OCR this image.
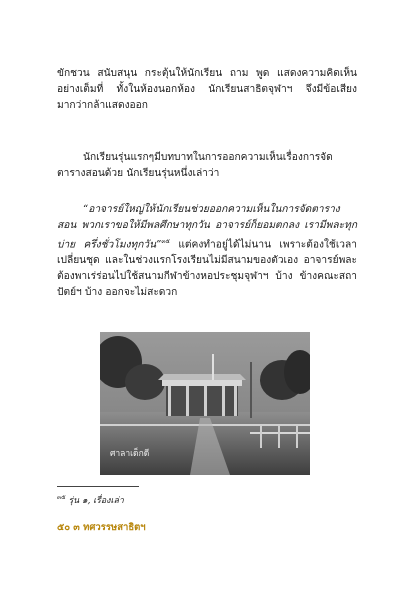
ขักชวน สนับสนุน กระตุ้นให้นักเรียน ถาม พูด แสดงความคิดเห็น อย่างเต็มที่ ทั้งในห้องนอกห้อง นักเรียนสาธิตจุฬาฯ จึงมีข้อเสียงมากว่ากล้าแสดงออก

นักเรียนรุ่นแรกๆมีบทบาทในการออกความเห็นเรื่องการจัดตารางสอนด้วย นักเรียนรุ่นหนึ่งเล่าว่า

“อาจารย์ใหญ่ให้นักเรียนช่วยออกความเห็นในการจัดตารางสอน พวกเราขอให้มีพลศึกษาทุกวัน อาจารย์ก็ยอมตกลง เรามีพละทุกบ่าย ครึ่งชั่วโมงทุกวัน”$^{๓๕}$ แต่คงทำอยู่ได้ไม่นาน เพราะต้องใช้เวลาเปลี่ยนชุด และในช่วงแรกโรงเรียนไม่มีสนามของตัวเอง อาจารย์พละต้องพาเร่ร่อนไปใช้สนามกีฬาข้างหอประชุมจุฬาฯ บ้าง ข้างคณะสถาปัตย์ฯ บ้าง ออกจะไม่สะดวก

ศาลาเด็กดี
$^{๓๕}$ รุ่น ๑, เรื่องเล่า
๕๐ ๓ ทศวรรษสาธิตฯ
